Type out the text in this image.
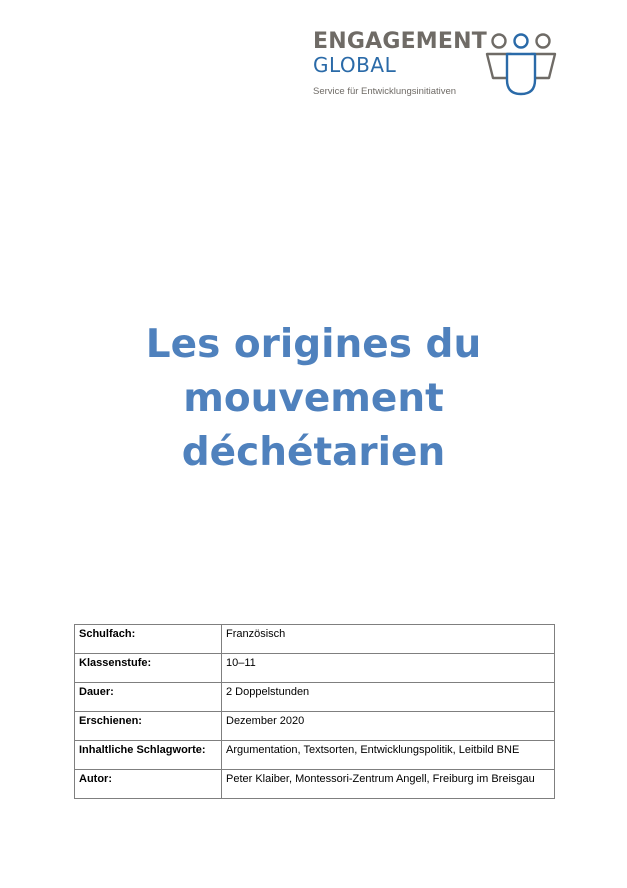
ENGAGEMENT
GLOBAL
Service für Entwicklungsinitiativen
Les origines du
mouvement
déchétarien
Schulfach:	Französisch
Klassenstufe:	10–11
Dauer:	2 Doppelstunden
Erschienen:	Dezember 2020
Inhaltliche Schlagworte:	Argumentation, Textsorten, Entwicklungspolitik, Leitbild BNE
Autor:	Peter Klaiber, Montessori-Zentrum Angell, Freiburg im Breisgau
